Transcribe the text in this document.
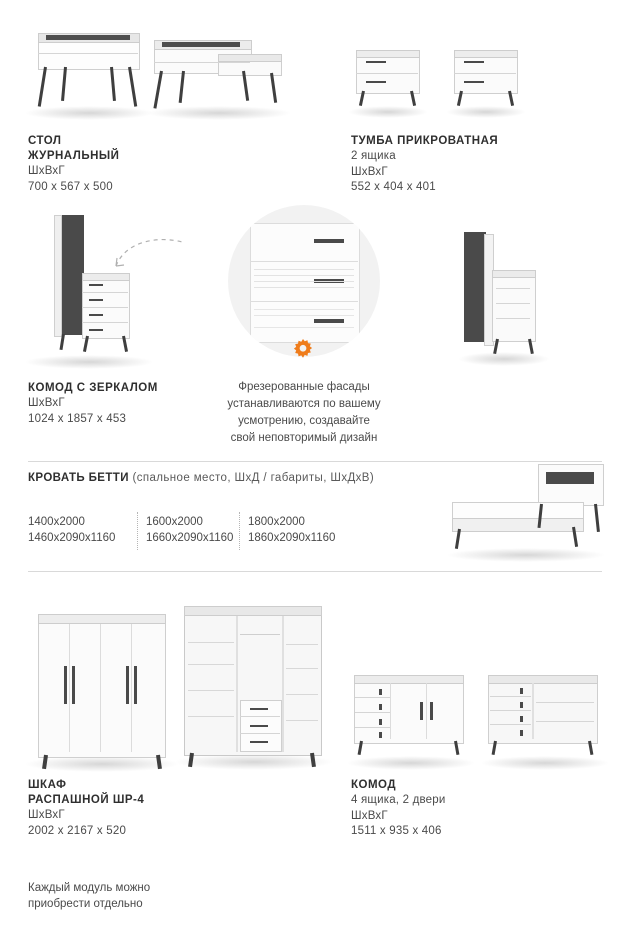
СТОЛ
ЖУРНАЛЬНЫЙ
ШхВхГ
700 x 567 x 500
ТУМБА ПРИКРОВАТНАЯ
2 ящика
ШхВхГ
552 x 404 x 401
Фрезерованные фасады
устанавливаются по вашему
усмотрению, создавайте
свой неповторимый дизайн
КОМОД С ЗЕРКАЛОМ
ШхВхГ
1024 x 1857 x 453
КРОВАТЬ БЕТТИ (спальное место, ШхД / габариты, ШхДхВ)
1400x2000
1460x2090x1160
1600x2000
1660x2090x1160
1800x2000
1860x2090x1160
ШКАФ
РАСПАШНОЙ ШР-4
ШхВхГ
2002 x 2167 x 520
КОМОД
4 ящика, 2 двери
ШхВхГ
1511 x 935 x 406
Каждый модуль можно
приобрести отдельно
